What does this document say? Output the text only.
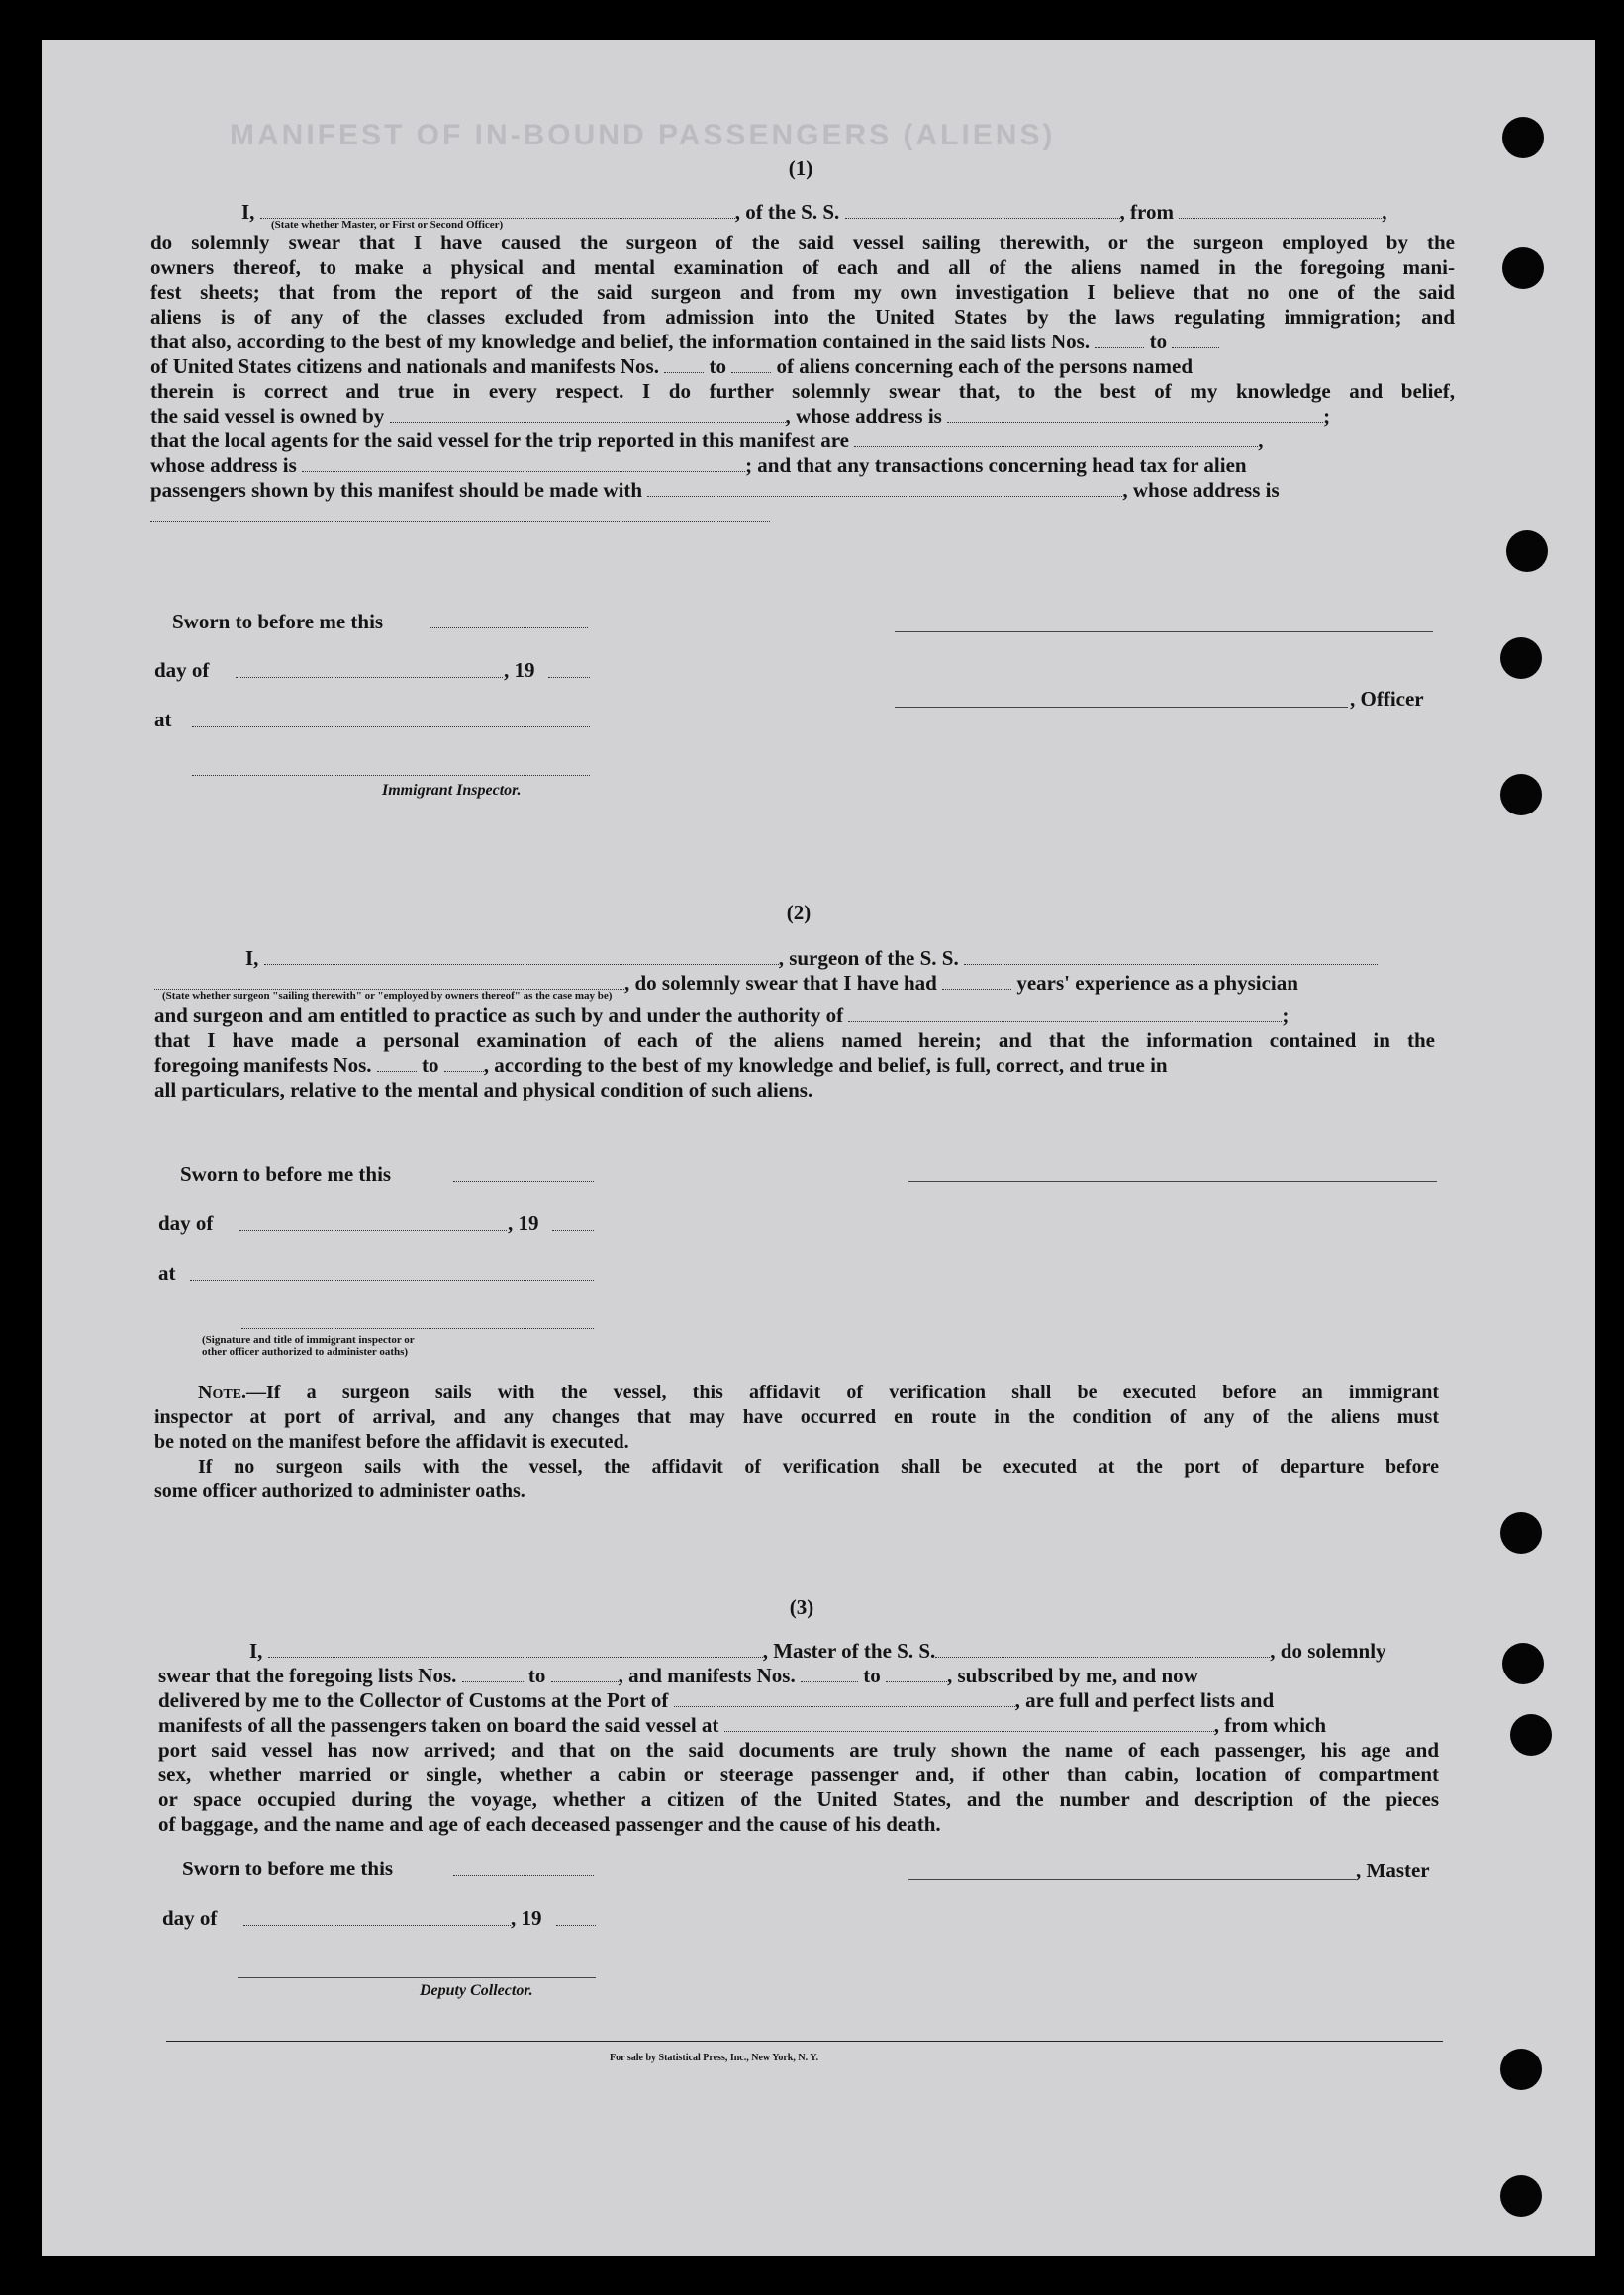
MANIFEST OF IN-BOUND PASSENGERS (ALIENS)
(1)
I,	, of the S. S.	, from	,
(State whether Master, or First or Second Officer)
do solemnly swear that I have caused the surgeon of the said vessel sailing therewith, or the surgeon employed by the
owners thereof, to make a physical and mental examination of each and all of the aliens named in the foregoing mani-
fest sheets; that from the report of the said surgeon and from my own investigation I believe that no one of the said
aliens is of any of the classes excluded from admission into the United States by the laws regulating immigration; and
that also, according to the best of my knowledge and belief, the information contained in the said lists Nos.  to
of United States citizens and nationals and manifests Nos.  to  of aliens concerning each of the persons named
therein is correct and true in every respect. I do further solemnly swear that, to the best of my knowledge and belief,
the said vessel is owned by	, whose address is	;
that the local agents for the said vessel for the trip reported in this manifest are	,
whose address is	; and that any transactions concerning head tax for alien
passengers shown by this manifest should be made with	, whose address is
Sworn to before me this
day of	, 19
at
Immigrant Inspector.
, Officer
(2)
I,	, surgeon of the S. S.
, do solemnly swear that I have had	years' experience as a physician
(State whether surgeon "sailing therewith" or "employed by owners thereof" as the case may be)
and surgeon and am entitled to practice as such by and under the authority of	;
that I have made a personal examination of each of the aliens named herein; and that the information contained in the
foregoing manifests Nos.  to , according to the best of my knowledge and belief, is full, correct, and true in
all particulars, relative to the mental and physical condition of such aliens.
Sworn to before me this
day of	, 19
at
(Signature and title of immigrant inspector or
other officer authorized to administer oaths)

Note.—If a surgeon sails with the vessel, this affidavit of verification shall be executed before an immigrant

inspector at port of arrival, and any changes that may have occurred en route in the condition of any of the aliens must

be noted on the manifest before the affidavit is executed.

If no surgeon sails with the vessel, the affidavit of verification shall be executed at the port of departure before

some officer authorized to administer oaths.

(3)
I,	, Master of the S. S.	, do solemnly
swear that the foregoing lists Nos.	to	, and manifests Nos.	to	, subscribed by me, and now
delivered by me to the Collector of Customs at the Port of	, are full and perfect lists and
manifests of all the passengers taken on board the said vessel at	, from which
port said vessel has now arrived; and that on the said documents are truly shown the name of each passenger, his age and
sex, whether married or single, whether a cabin or steerage passenger and, if other than cabin, location of compartment
or space occupied during the voyage, whether a citizen of the United States, and the number and description of the pieces
of baggage, and the name and age of each deceased passenger and the cause of his death.
Sworn to before me this
day of	, 19
Deputy Collector.
, Master
For sale by Statistical Press, Inc., New York, N. Y.
